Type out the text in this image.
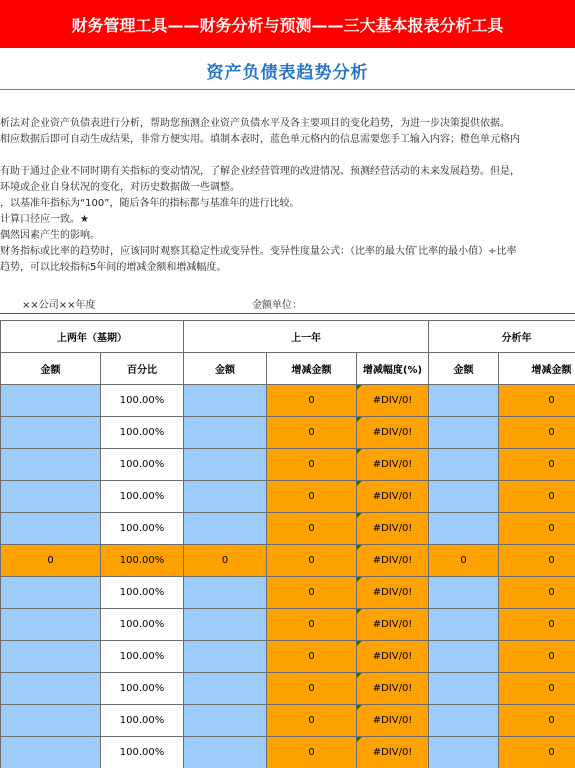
财务管理工具——财务分析与预测——三大基本报表分析工具
资产负债表趋势分析
析法对企业资产负债表进行分析，帮助您预测企业资产负债水平及各主要项目的变化趋势，为进一步决策提供依据。
相应数据后即可自动生成结果，非常方便实用。填制本表时，蓝色单元格内的信息需要您手工输入内容；橙色单元格内
有助于通过企业不同时期有关指标的变动情况，了解企业经营管理的改进情况、预测经营活动的未来发展趋势。但是，
环境或企业自身状况的变化，对历史数据做一些调整。
，以基准年指标为“100”，随后各年的指标都与基准年的进行比较。
计算口径应一致。★
偶然因素产生的影响。
财务指标或比率的趋势时，应该同时观察其稳定性或变异性。变异性度量公式：（比率的最大值 ̄比率的最小值）÷比率
趋势，可以比较指标5年间的增减金额和增减幅度。
××公司××年度	金额单位：
上两年（基期）		上一年			分析年	
金额	百分比	金额	增减金额	增减幅度(%)	金额	增减金额
	100.00%		0	#DIV/0!		0
	100.00%		0	#DIV/0!		0
	100.00%		0	#DIV/0!		0
	100.00%		0	#DIV/0!		0
	100.00%		0	#DIV/0!		0
0	100.00%	0	0	#DIV/0!	0	0
	100.00%		0	#DIV/0!		0
	100.00%		0	#DIV/0!		0
	100.00%		0	#DIV/0!		0
	100.00%		0	#DIV/0!		0
	100.00%		0	#DIV/0!		0
	100.00%		0	#DIV/0!		0
